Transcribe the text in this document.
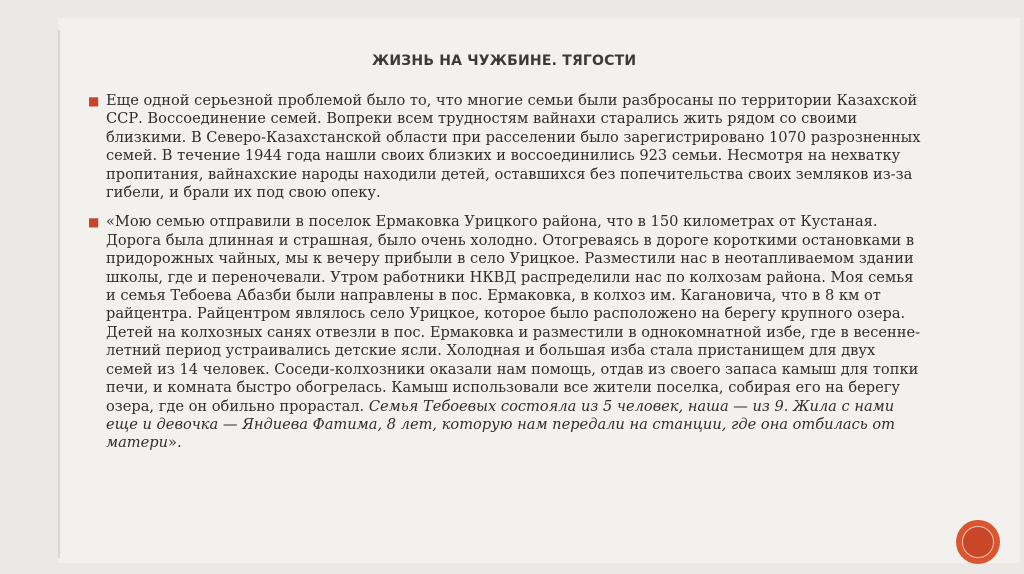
ЖИЗНЬ НА ЧУЖБИНЕ. ТЯГОСТИ
■ Еще одной серьезной проблемой было то, что многие семьи были разбросаны по территории Казахской ССР. Воссоединение семей. Вопреки всем трудностям вайнахи старались жить рядом со своими близкими. В Северо-Казахстанской области при расселении было зарегистрировано 1070 разрозненных семей. В течение 1944 года нашли своих близких и воссоединились 923 семьи. Несмотря на нехватку пропитания, вайнахские народы находили детей, оставшихся без попечительства своих земляков из-за гибели, и брали их под свою опеку.
■ «Мою семью отправили в поселок Ермаковка Урицкого района, что в 150 километрах от Кустаная. Дорога была длинная и страшная, было очень холодно. Отогреваясь в дороге короткими остановками в придорожных чайных, мы к вечеру прибыли в село Урицкое. Разместили нас в неотапливаемом здании школы, где и переночевали. Утром работники НКВД распределили нас по колхозам района. Моя семья и семья Тебоева Абазби были направлены в пос. Ермаковка, в колхоз им. Кагановича, что в 8 км от райцентра. Райцентром являлось село Урицкое, которое было расположено на берегу крупного озера. Детей на колхозных санях отвезли в пос. Ермаковка и разместили в однокомнатной избе, где в весенне-летний период устраивались детские ясли. Холодная и большая изба стала пристанищем для двух семей из 14 человек. Соседи-колхозники оказали нам помощь, отдав из своего запаса камыш для топки печи, и комната быстро обогрелась. Камыш использовали все жители поселка, собирая его на берегу озера, где он обильно прорастал. Семья Тебоевых состояла из 5 человек, наша — из 9. Жила с нами еще и девочка — Яндиева Фатима, 8 лет, которую нам передали на станции, где она отбилась от матери».
